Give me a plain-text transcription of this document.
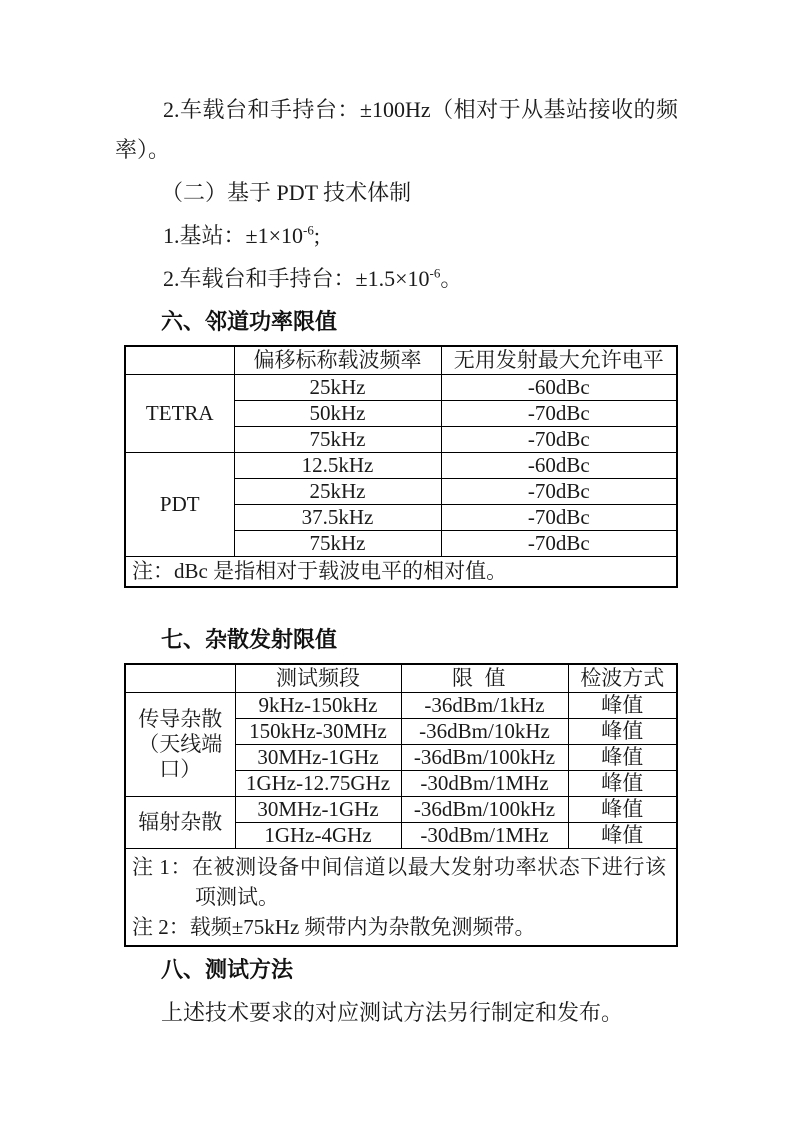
2.车载台和手持台：±100Hz（相对于从基站接收的频率）。

（二）基于 PDT 技术体制

1.基站：$\pm 1\times 10^{-6}$;

2.车载台和手持台：$\pm 1.5\times 10^{-6}$。

六、邻道功率限值
	偏移标称载波频率	无用发射最大允许电平
TETRA	25kHz	-60dBc
	50kHz	-70dBc
	75kHz	-70dBc
PDT	12.5kHz	-60dBc
	25kHz	-70dBc
	37.5kHz	-70dBc
	75kHz	-70dBc
注：dBc 是指相对于载波电平的相对值。		
七、杂散发射限值
	测试频段	限值	检波方式
传导杂散（天线端口）	9kHz-150kHz	-36dBm/1kHz	峰值
	150kHz-30MHz	-36dBm/10kHz	峰值
	30MHz-1GHz	-36dBm/100kHz	峰值
	1GHz-12.75GHz	-30dBm/1MHz	峰值
辐射杂散	30MHz-1GHz	-36dBm/100kHz	峰值
	1GHz-4GHz	-30dBm/1MHz	峰值

注 1：在被测设备中间信道以最大发射功率状态下进行该项测试。
注 2：载频±75kHz 频带内为杂散免测频带。			
八、测试方法

上述技术要求的对应测试方法另行制定和发布。
